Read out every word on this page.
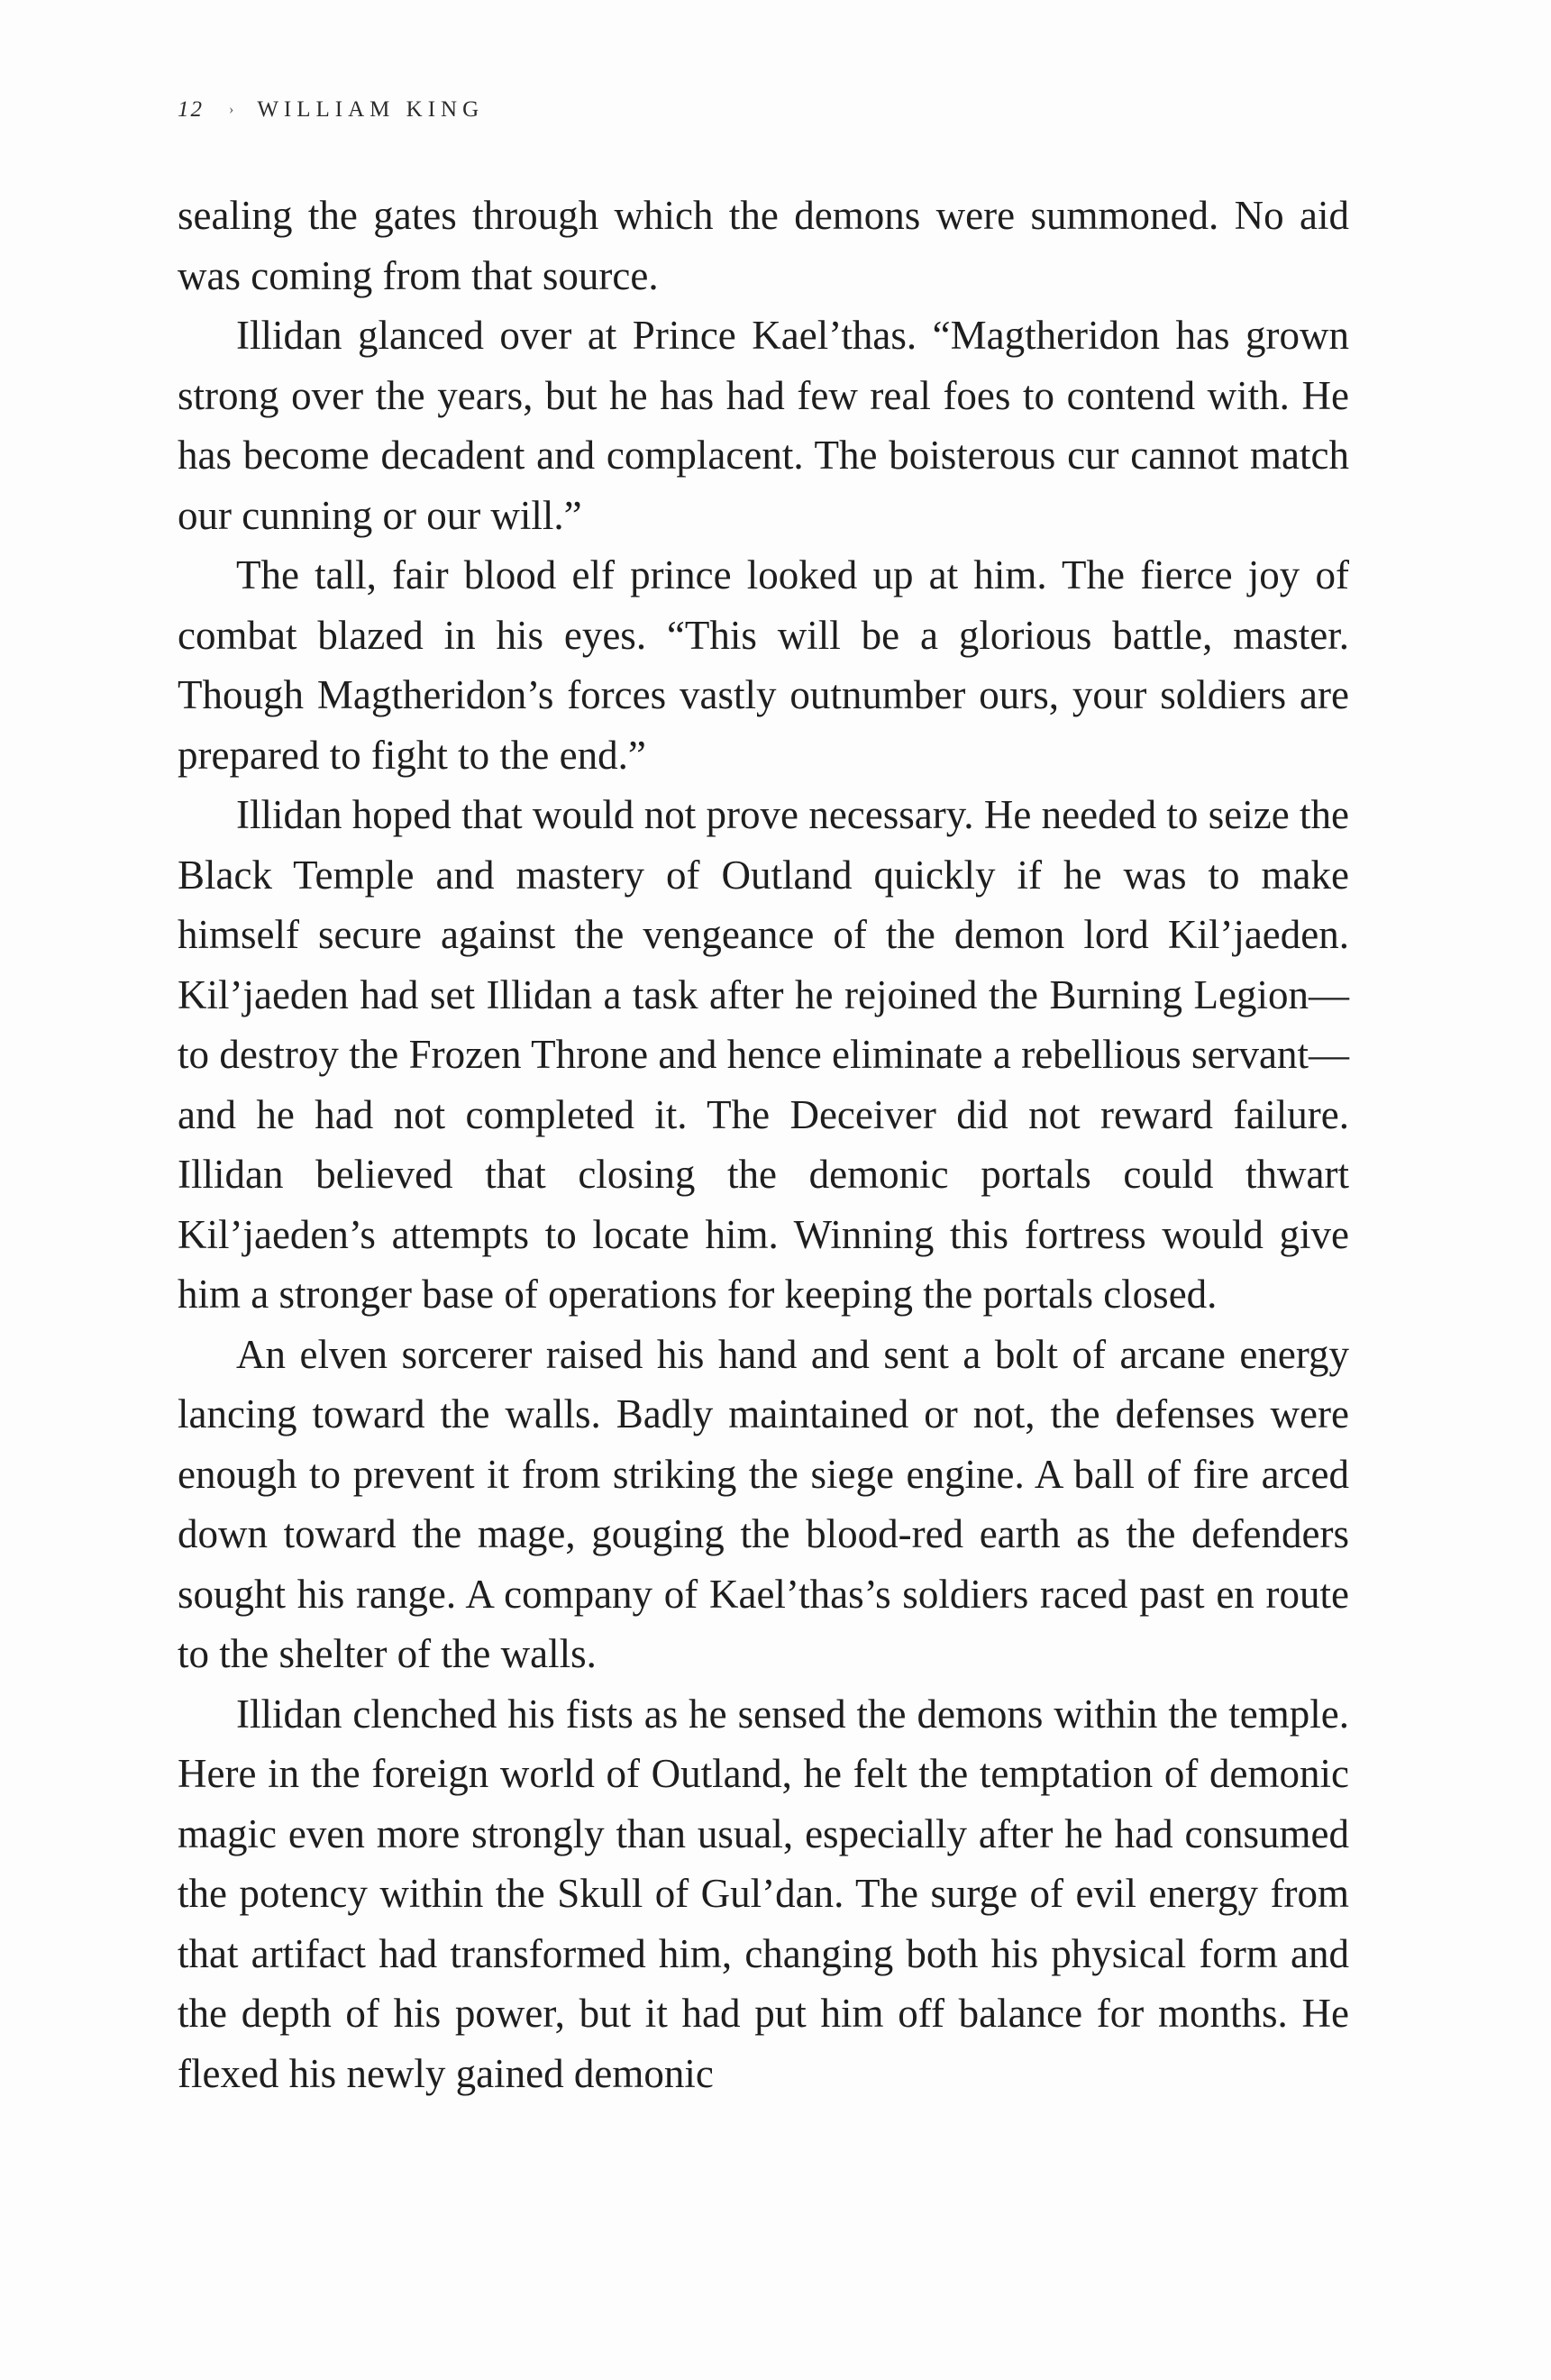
12 › WILLIAM KING

sealing the gates through which the demons were summoned. No aid was coming from that source.

Illidan glanced over at Prince Kael’thas. “Magtheridon has grown strong over the years, but he has had few real foes to contend with. He has become decadent and complacent. The boisterous cur cannot match our cunning or our will.”

The tall, fair blood elf prince looked up at him. The fierce joy of combat blazed in his eyes. “This will be a glorious battle, master. Though Magtheridon’s forces vastly outnumber ours, your soldiers are prepared to fight to the end.”

Illidan hoped that would not prove necessary. He needed to seize the Black Temple and mastery of Outland quickly if he was to make himself secure against the vengeance of the demon lord Kil’jaeden. Kil’jaeden had set Illidan a task after he rejoined the Burning Legion—to destroy the Frozen Throne and hence eliminate a rebellious servant—and he had not completed it. The Deceiver did not reward failure. Illidan believed that closing the demonic portals could thwart Kil’jaeden’s attempts to locate him. Winning this fortress would give him a stronger base of operations for keeping the portals closed.

An elven sorcerer raised his hand and sent a bolt of arcane energy lancing toward the walls. Badly maintained or not, the defenses were enough to prevent it from striking the siege engine. A ball of fire arced down toward the mage, gouging the blood-red earth as the defenders sought his range. A company of Kael’thas’s soldiers raced past en route to the shelter of the walls.

Illidan clenched his fists as he sensed the demons within the temple. Here in the foreign world of Outland, he felt the temptation of demonic magic even more strongly than usual, especially after he had consumed the potency within the Skull of Gul’dan. The surge of evil energy from that artifact had transformed him, changing both his physical form and the depth of his power, but it had put him off balance for months. He flexed his newly gained demonic
